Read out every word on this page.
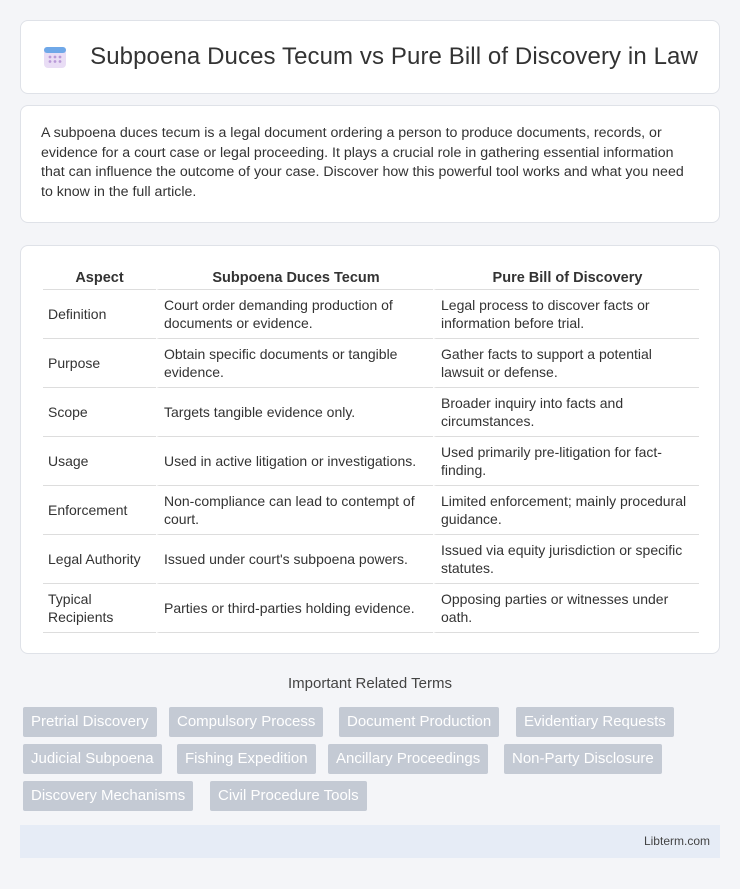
Subpoena Duces Tecum vs Pure Bill of Discovery in Law

A subpoena duces tecum is a legal document ordering a person to produce documents, records, or evidence for a court case or legal proceeding. It plays a crucial role in gathering essential information that can influence the outcome of your case. Discover how this powerful tool works and what you need to know in the full article.

Aspect	Subpoena Duces Tecum	Pure Bill of Discovery
Definition	Court order demanding production of documents or evidence.	Legal process to discover facts or information before trial.
Purpose	Obtain specific documents or tangible evidence.	Gather facts to support a potential lawsuit or defense.
Scope	Targets tangible evidence only.	Broader inquiry into facts and circumstances.
Usage	Used in active litigation or investigations.	Used primarily pre-litigation for fact-finding.
Enforcement	Non-compliance can lead to contempt of court.	Limited enforcement; mainly procedural guidance.
Legal Authority	Issued under court's subpoena powers.	Issued via equity jurisdiction or specific statutes.
Typical Recipients	Parties or third-parties holding evidence.	Opposing parties or witnesses under oath.
Important Related Terms
Pretrial Discovery	Compulsory Process	Document Production	Evidentiary Requests
Judicial Subpoena	Fishing Expedition	Ancillary Proceedings	Non-Party Disclosure
Discovery Mechanisms	Civil Procedure Tools
Libterm.com
